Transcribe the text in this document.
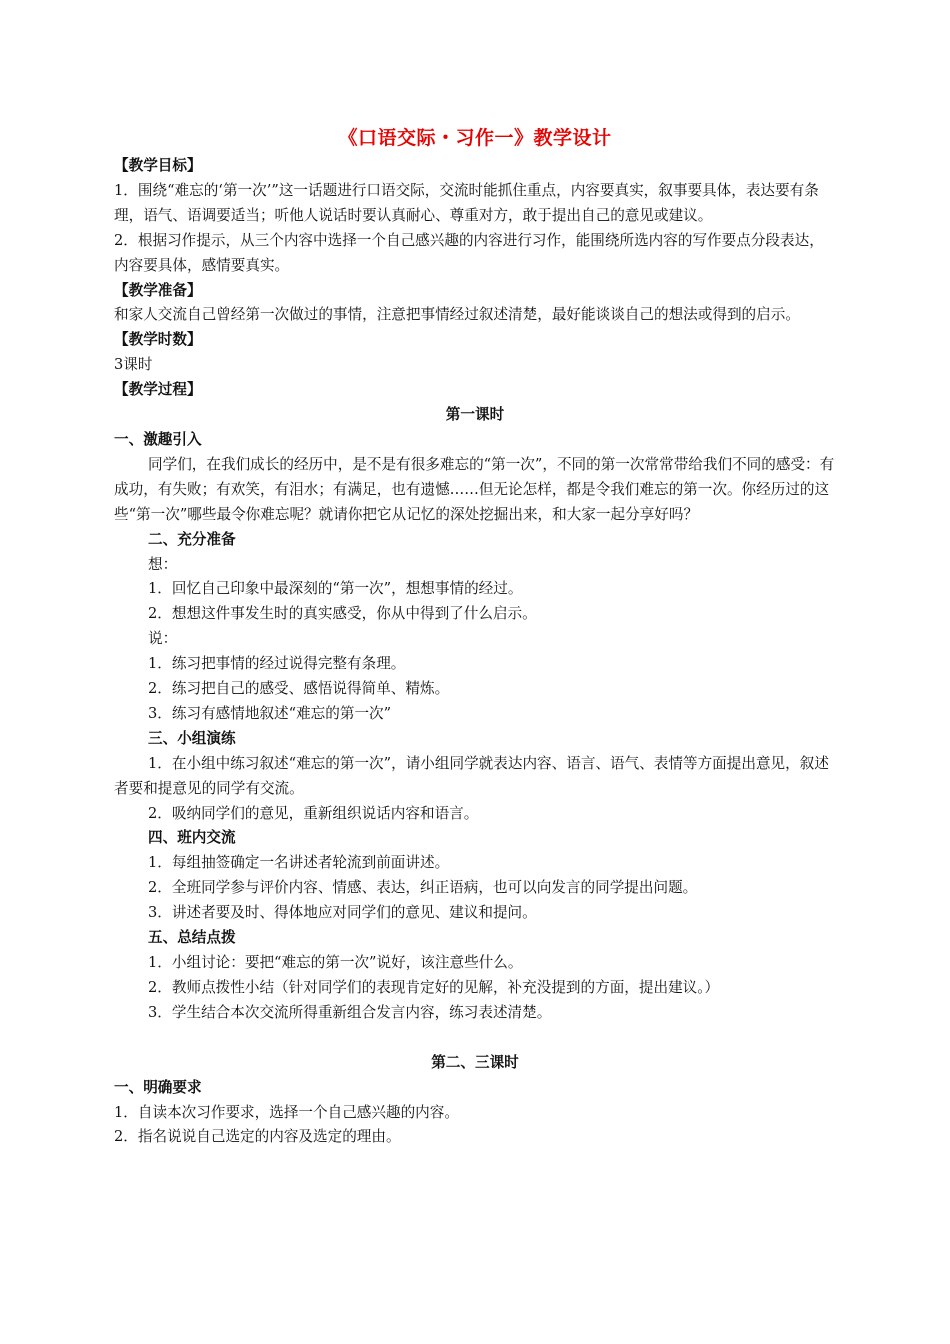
《口语交际・习作一》教学设计

【教学目标】

1．围绕“难忘的‘第一次’”这一话题进行口语交际，交流时能抓住重点，内容要真实，叙事要具体，表达要有条理，语气、语调要适当；听他人说话时要认真耐心、尊重对方，敢于提出自己的意见或建议。

2．根据习作提示，从三个内容中选择一个自己感兴趣的内容进行习作，能围绕所选内容的写作要点分段表达，内容要具体，感情要真实。

【教学准备】

和家人交流自己曾经第一次做过的事情，注意把事情经过叙述清楚，最好能谈谈自己的想法或得到的启示。

【教学时数】

3课时

【教学过程】

第一课时

一、激趣引入

同学们，在我们成长的经历中，是不是有很多难忘的“第一次”，不同的第一次常常带给我们不同的感受：有成功，有失败；有欢笑，有泪水；有满足，也有遗憾……但无论怎样，都是令我们难忘的第一次。你经历过的这些“第一次”哪些最令你难忘呢？就请你把它从记忆的深处挖掘出来，和大家一起分享好吗？

二、充分准备

想：

1．回忆自己印象中最深刻的“第一次”，想想事情的经过。

2．想想这件事发生时的真实感受，你从中得到了什么启示。

说：

1．练习把事情的经过说得完整有条理。

2．练习把自己的感受、感悟说得简单、精炼。

3．练习有感情地叙述“难忘的第一次”

三、小组演练

1．在小组中练习叙述“难忘的第一次”，请小组同学就表达内容、语言、语气、表情等方面提出意见，叙述者要和提意见的同学有交流。

2．吸纳同学们的意见，重新组织说话内容和语言。

四、班内交流

1．每组抽签确定一名讲述者轮流到前面讲述。

2．全班同学参与评价内容、情感、表达，纠正语病，也可以向发言的同学提出问题。

3．讲述者要及时、得体地应对同学们的意见、建议和提问。

五、总结点拨

1．小组讨论：要把“难忘的第一次”说好，该注意些什么。

2．教师点拨性小结（针对同学们的表现肯定好的见解，补充没提到的方面，提出建议。）

3．学生结合本次交流所得重新组合发言内容，练习表述清楚。

第二、三课时

一、明确要求

1．自读本次习作要求，选择一个自己感兴趣的内容。

2．指名说说自己选定的内容及选定的理由。
